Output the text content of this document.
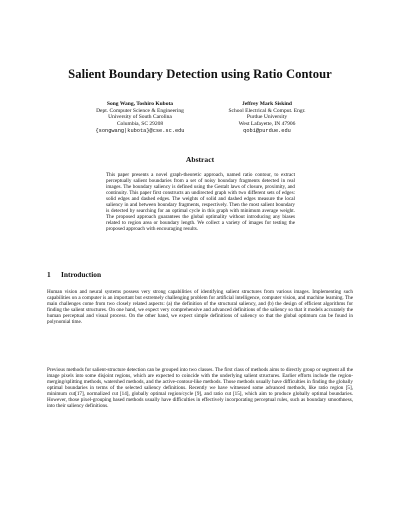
Salient Boundary Detection using Ratio Contour
Song Wang, Toshiro Kubota
Dept. Computer Science & Engineering
University of South Carolina
Columbia, SC 29208
{songwang|kubota}@cse.sc.edu
Jeffrey Mark Siskind
School Electrical & Comput. Engr.
Purdue University
West Lafayette, IN 47906
qobi@purdue.edu
Abstract
This paper presents a novel graph-theoretic approach, named ratio contour, to extract perceptually salient boundaries from a set of noisy boundary fragments detected in real images. The boundary saliency is defined using the Gestalt laws of closure, proximity, and continuity. This paper first constructs an undirected graph with two different sets of edges: solid edges and dashed edges. The weights of solid and dashed edges measure the local saliency in and between boundary fragments, respectively. Then the most salient boundary is detected by searching for an optimal cycle in this graph with minimum average weight. The proposed approach guarantees the global optimality without introducing any biases related to region area or boundary length. We collect a variety of images for testing the proposed approach with encouraging results.
1 Introduction
Human vision and neural systems possess very strong capabilities of identifying salient structures from various images. Implementing such capabilities on a computer is an important but extremely challenging problem for artificial intelligence, computer vision, and machine learning. The main challenges come from two closely related aspects: (a) the definition of the structural saliency, and (b) the design of efficient algorithms for finding the salient structures. On one hand, we expect very comprehensive and advanced definitions of the saliency so that it models accurately the human perceptual and visual process. On the other hand, we expect simple definitions of saliency so that the global optimum can be found in polynomial time.
Previous methods for salient-structure detection can be grouped into two classes. The first class of methods aims to directly group or segment all the image pixels into some disjoint regions, which are expected to coincide with the underlying salient structures. Earlier efforts include the region-merging/splitting methods, watershed methods, and the active-contour-like methods. Those methods usually have difficulties in finding the globally optimal boundaries in terms of the selected saliency definitions. Recently we have witnessed some advanced methods, like ratio region [5], minimum cut[17], normalized cut [14], globally optimal region/cycle [9], and ratio cut [15], which aim to produce globally optimal boundaries. However, those pixel-grouping based methods usually have difficulties in effectively incorporating perceptual rules, such as boundary smoothness, into their saliency definitions.
